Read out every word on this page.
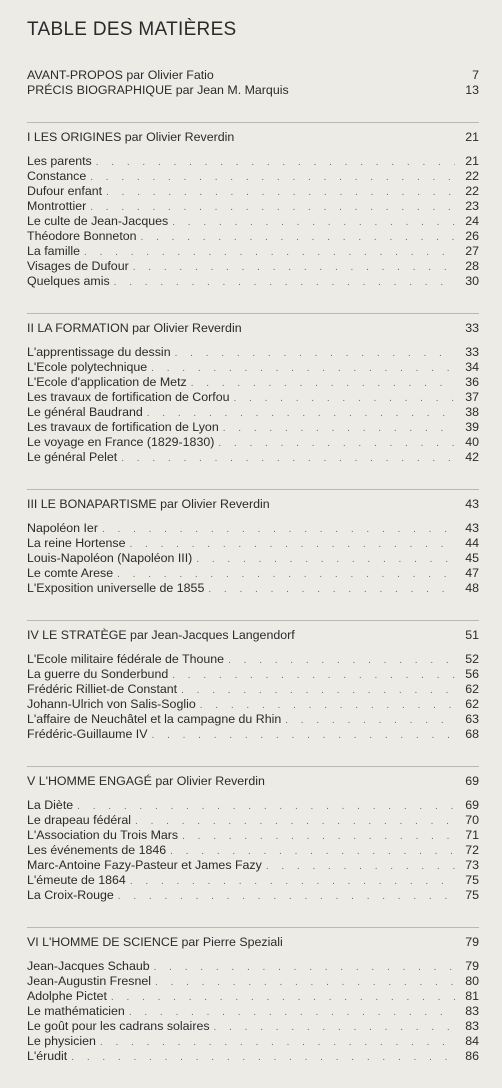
TABLE DES MATIÈRES
AVANT-PROPOS par Olivier Fatio	7
PRÉCIS BIOGRAPHIQUE par Jean M. Marquis	13
I LES ORIGINES par Olivier Reverdin	21
Les parents . . .	21
Constance . . .	22
Dufour enfant . . .	22
Montrottier . . .	23
Le culte de Jean-Jacques . . .	24
Théodore Bonneton . . .	26
La famille . . .	27
Visages de Dufour . . .	28
Quelques amis . . .	30
II LA FORMATION par Olivier Reverdin	33
L'apprentissage du dessin . . .	33
L'Ecole polytechnique . . .	34
L'Ecole d'application de Metz . . .	36
Les travaux de fortification de Corfou . . .	37
Le général Baudrand . . .	38
Les travaux de fortification de Lyon . . .	39
Le voyage en France (1829-1830) . . .	40
Le général Pelet . . .	42
III LE BONAPARTISME par Olivier Reverdin	43
Napoléon Ier . . .	43
La reine Hortense . . .	44
Louis-Napoléon (Napoléon III) . . .	45
Le comte Arese . . .	47
L'Exposition universelle de 1855 . . .	48
IV LE STRATÈGE par Jean-Jacques Langendorf	51
L'Ecole militaire fédérale de Thoune . . .	52
La guerre du Sonderbund . . .	56
Frédéric Rilliet-de Constant . . .	62
Johann-Ulrich von Salis-Soglio . . .	62
L'affaire de Neuchâtel et la campagne du Rhin . . .	63
Frédéric-Guillaume IV . . .	68
V L'HOMME ENGAGÉ par Olivier Reverdin	69
La Diète . . .	69
Le drapeau fédéral . . .	70
L'Association du Trois Mars . . .	71
Les événements de 1846 . . .	72
Marc-Antoine Fazy-Pasteur et James Fazy . . .	73
L'émeute de 1864 . . .	75
La Croix-Rouge . . .	75
VI L'HOMME DE SCIENCE par Pierre Speziali	79
Jean-Jacques Schaub . . .	79
Jean-Augustin Fresnel . . .	80
Adolphe Pictet . . .	81
Le mathématicien . . .	83
Le goût pour les cadrans solaires . . .	83
Le physicien . . .	84
L'érudit . . .	86
